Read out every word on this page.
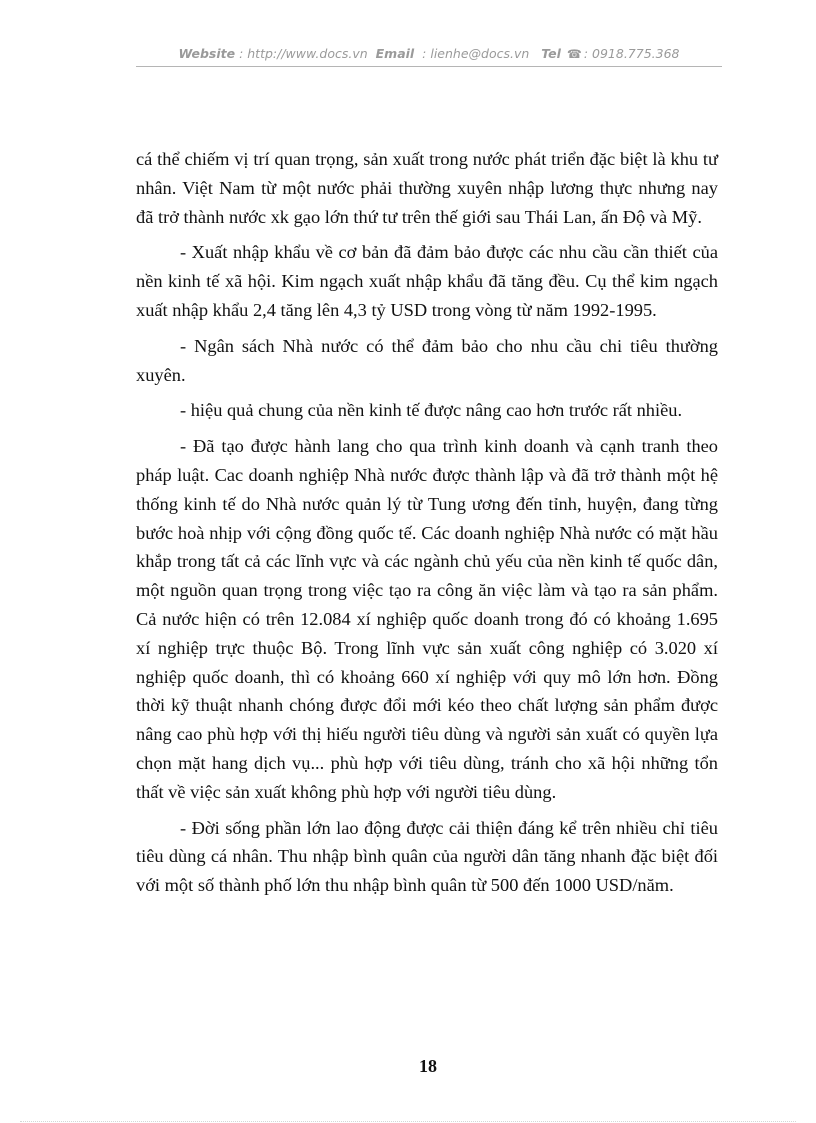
Website : http://www.docs.vn Email : lienhe@docs.vn Tel ☎ : 0918.775.368

cá thể chiếm vị trí quan trọng, sản xuất trong nước phát triển đặc biệt là khu tư nhân. Việt Nam từ một nước phải thường xuyên nhập lương thực nhưng nay đã trở thành nước xk gạo lớn thứ tư trên thế giới sau Thái Lan, ấn Độ và Mỹ.

- Xuất nhập khẩu về cơ bản đã đảm bảo được các nhu cầu cần thiết của nền kinh tế xã hội. Kim ngạch xuất nhập khẩu đã tăng đều. Cụ thể kim ngạch xuất nhập khẩu 2,4 tăng lên 4,3 tỷ USD trong vòng từ năm 1992-1995.

- Ngân sách Nhà nước có thể đảm bảo cho nhu cầu chi tiêu thường xuyên.

- hiệu quả chung của nền kinh tế được nâng cao hơn trước rất nhiều.

- Đã tạo được hành lang cho qua trình kinh doanh và cạnh tranh theo pháp luật. Cac doanh nghiệp Nhà nước được thành lập và đã trở thành một hệ thống kinh tế do Nhà nước quản lý từ Tung ương đến tỉnh, huyện, đang từng bước hoà nhịp với cộng đồng quốc tế. Các doanh nghiệp Nhà nước có mặt hầu khắp trong tất cả các lĩnh vực và các ngành chủ yếu của nền kinh tế quốc dân, một nguồn quan trọng trong việc tạo ra công ăn việc làm và tạo ra sản phẩm. Cả nước hiện có trên 12.084 xí nghiệp quốc doanh trong đó có khoảng 1.695 xí nghiệp trực thuộc Bộ. Trong lĩnh vực sản xuất công nghiệp có 3.020 xí nghiệp quốc doanh, thì có khoảng 660 xí nghiệp với quy mô lớn hơn. Đồng thời kỹ thuật nhanh chóng được đổi mới kéo theo chất lượng sản phẩm được nâng cao phù hợp với thị hiếu người tiêu dùng và người sản xuất có quyền lựa chọn mặt hang dịch vụ... phù hợp với tiêu dùng, tránh cho xã hội những tổn thất về việc sản xuất không phù hợp với người tiêu dùng.

- Đời sống phần lớn lao động được cải thiện đáng kể trên nhiều chỉ tiêu tiêu dùng cá nhân. Thu nhập bình quân của người dân tăng nhanh đặc biệt đối với một số thành phố lớn thu nhập bình quân từ 500 đến 1000 USD/năm.

18
